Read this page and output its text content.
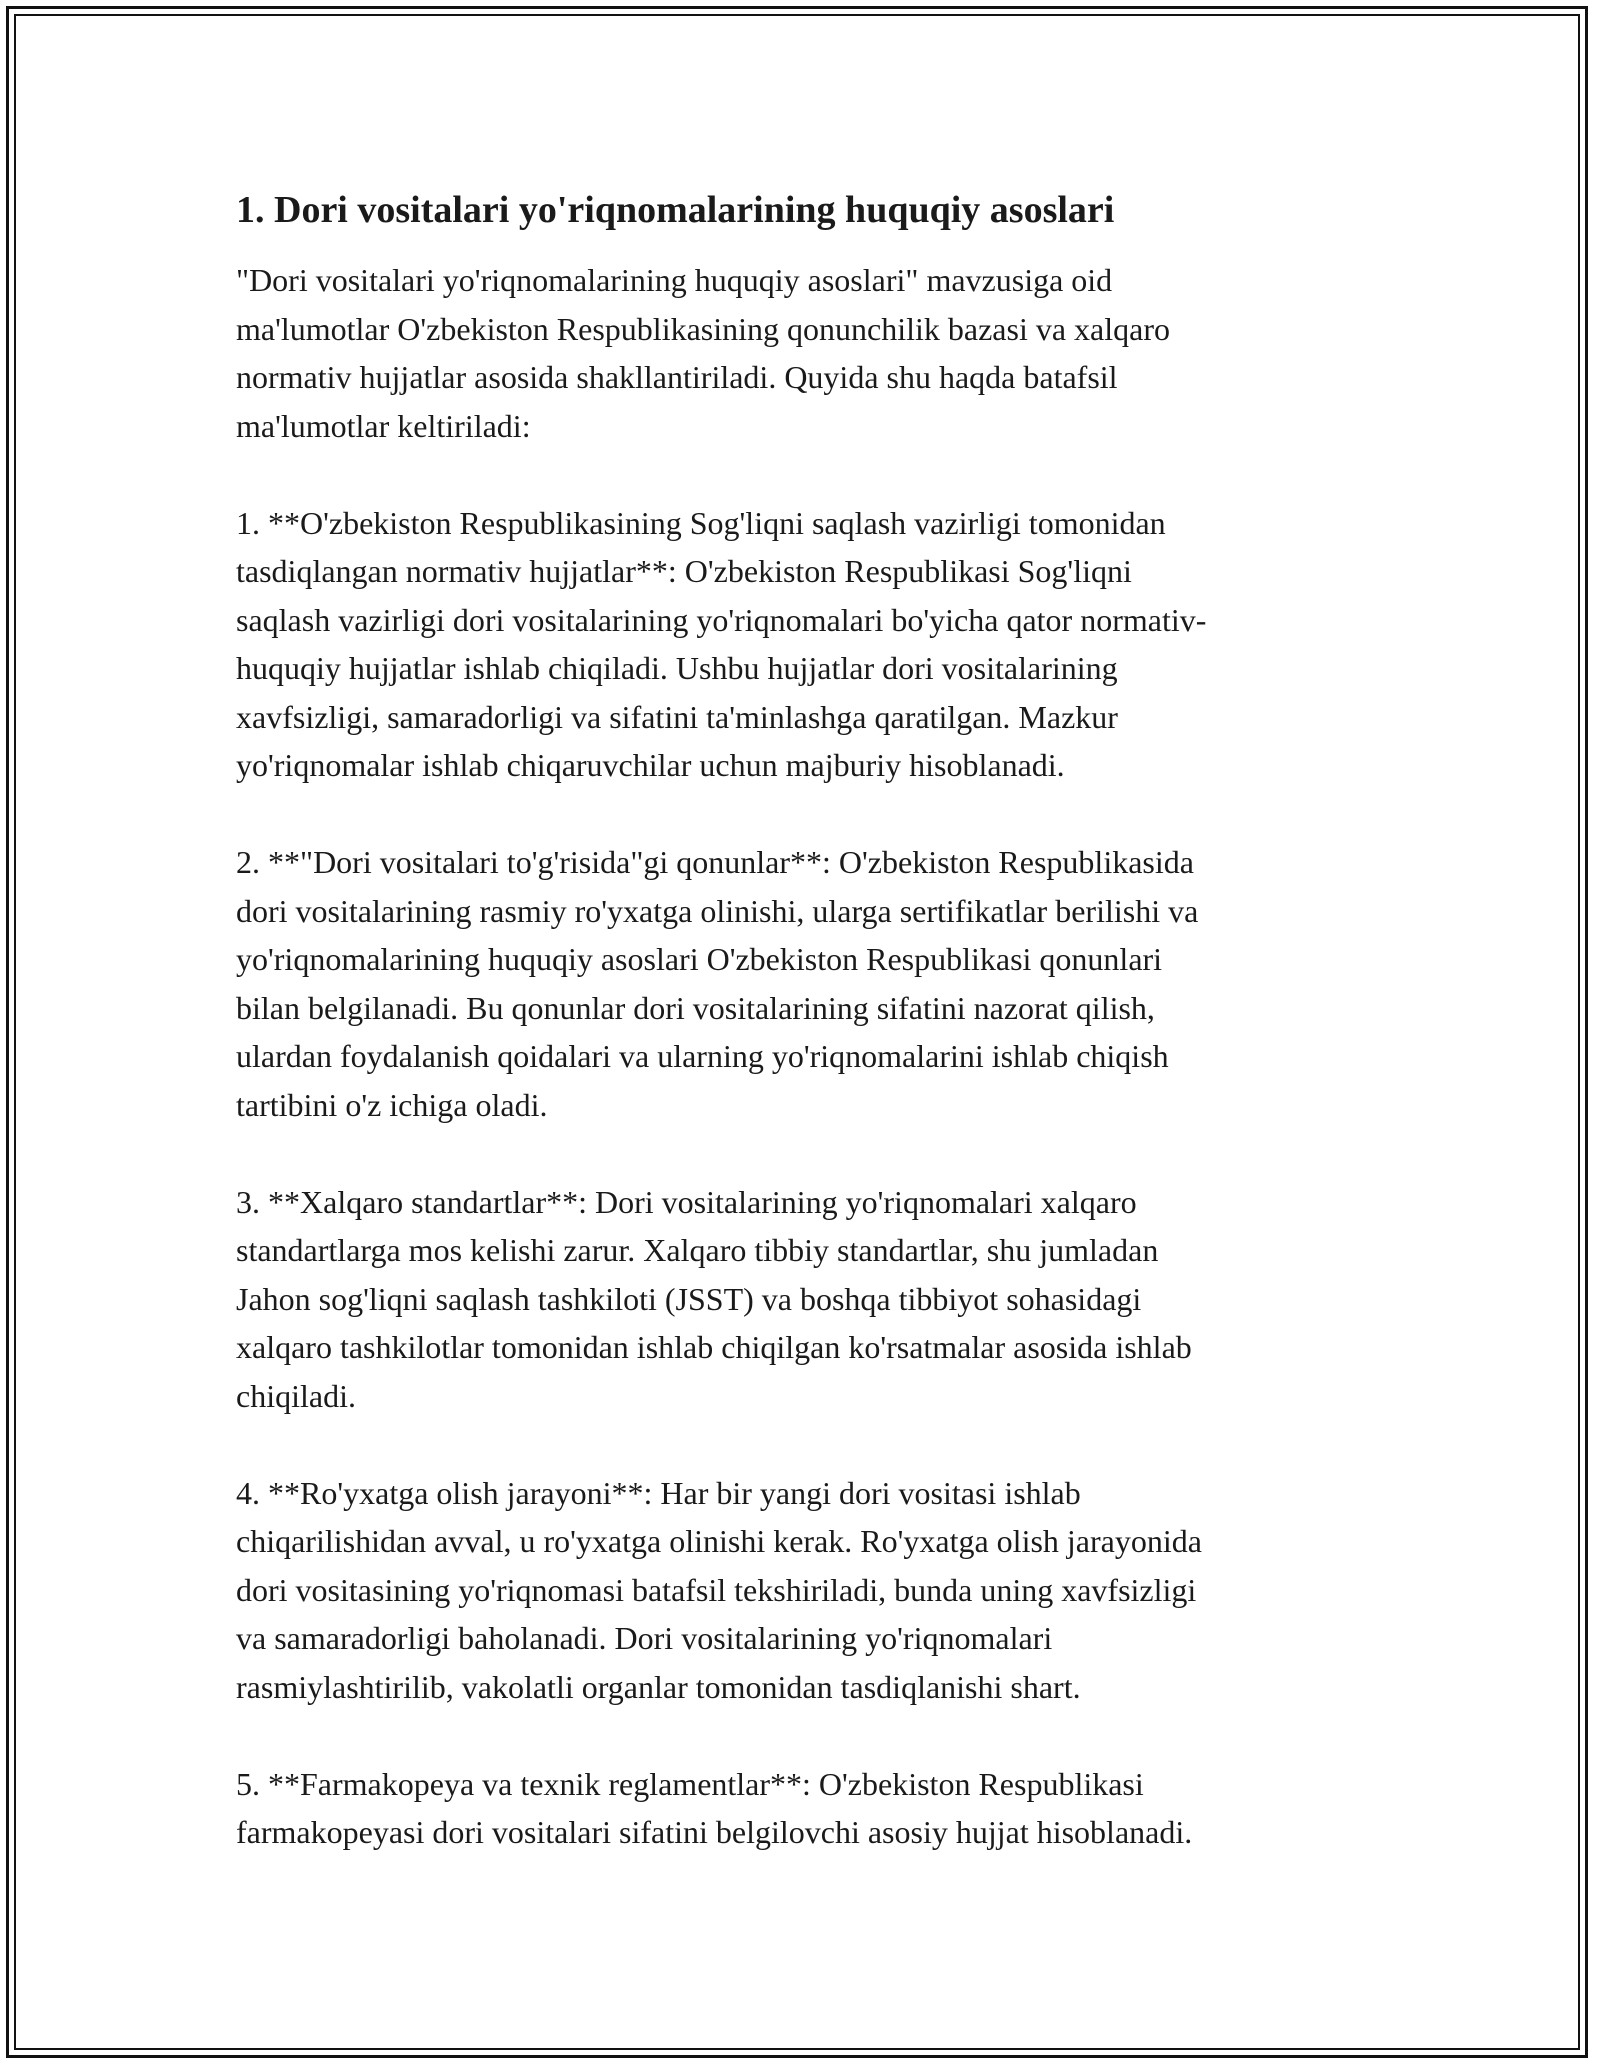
1. Dori vositalari yo'riqnomalarining huquqiy asoslari

"Dori vositalari yo'riqnomalarining huquqiy asoslari" mavzusiga oid
ma'lumotlar O'zbekiston Respublikasining qonunchilik bazasi va xalqaro
normativ hujjatlar asosida shakllantiriladi. Quyida shu haqda batafsil
ma'lumotlar keltiriladi:

1. **O'zbekiston Respublikasining Sog'liqni saqlash vazirligi tomonidan
tasdiqlangan normativ hujjatlar**: O'zbekiston Respublikasi Sog'liqni
saqlash vazirligi dori vositalarining yo'riqnomalari bo'yicha qator normativ-
huquqiy hujjatlar ishlab chiqiladi. Ushbu hujjatlar dori vositalarining
xavfsizligi, samaradorligi va sifatini ta'minlashga qaratilgan. Mazkur
yo'riqnomalar ishlab chiqaruvchilar uchun majburiy hisoblanadi.

2. **"Dori vositalari to'g'risida"gi qonunlar**: O'zbekiston Respublikasida
dori vositalarining rasmiy ro'yxatga olinishi, ularga sertifikatlar berilishi va
yo'riqnomalarining huquqiy asoslari O'zbekiston Respublikasi qonunlari
bilan belgilanadi. Bu qonunlar dori vositalarining sifatini nazorat qilish,
ulardan foydalanish qoidalari va ularning yo'riqnomalarini ishlab chiqish
tartibini o'z ichiga oladi.

3. **Xalqaro standartlar**: Dori vositalarining yo'riqnomalari xalqaro
standartlarga mos kelishi zarur. Xalqaro tibbiy standartlar, shu jumladan
Jahon sog'liqni saqlash tashkiloti (JSST) va boshqa tibbiyot sohasidagi
xalqaro tashkilotlar tomonidan ishlab chiqilgan ko'rsatmalar asosida ishlab
chiqiladi.

4. **Ro'yxatga olish jarayoni**: Har bir yangi dori vositasi ishlab
chiqarilishidan avval, u ro'yxatga olinishi kerak. Ro'yxatga olish jarayonida
dori vositasining yo'riqnomasi batafsil tekshiriladi, bunda uning xavfsizligi
va samaradorligi baholanadi. Dori vositalarining yo'riqnomalari
rasmiylashtirilib, vakolatli organlar tomonidan tasdiqlanishi shart.

5. **Farmakopeya va texnik reglamentlar**: O'zbekiston Respublikasi
farmakopeyasi dori vositalari sifatini belgilovchi asosiy hujjat hisoblanadi.
